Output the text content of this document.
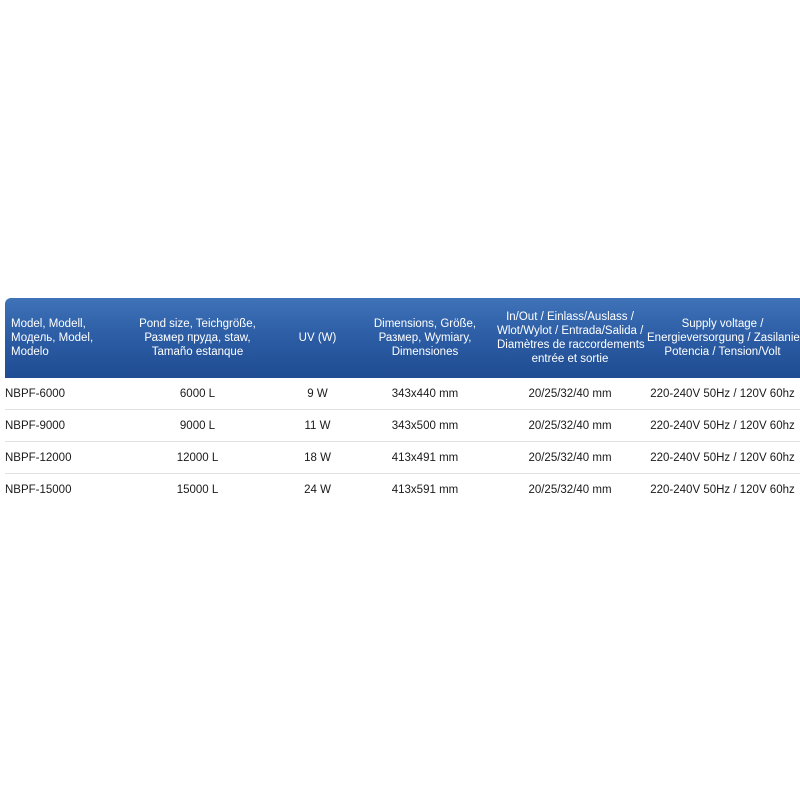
Model, Modell,
Модель, Model,
Modelo	Pond size, Teichgröße,
Размер пруда, staw,
Tamaño estanque	UV (W)	Dimensions, Größe,
Размер, Wymiary,
Dimensiones	In/Out / Einlass/Auslass /
Wlot/Wylot / Entrada/Salida /
Diamètres de raccordements
entrée et sortie	Supply voltage /
Energieversorgung / Zasilanie
Potencia / Tension/Volt

NBPF-6000	6000 L	9 W	343x440 mm	20/25/32/40 mm	220-240V 50Hz / 120V 60hz
NBPF-9000	9000 L	11 W	343x500 mm	20/25/32/40 mm	220-240V 50Hz / 120V 60hz
NBPF-12000	12000 L	18 W	413x491 mm	20/25/32/40 mm	220-240V 50Hz / 120V 60hz
NBPF-15000	15000 L	24 W	413x591 mm	20/25/32/40 mm	220-240V 50Hz / 120V 60hz
